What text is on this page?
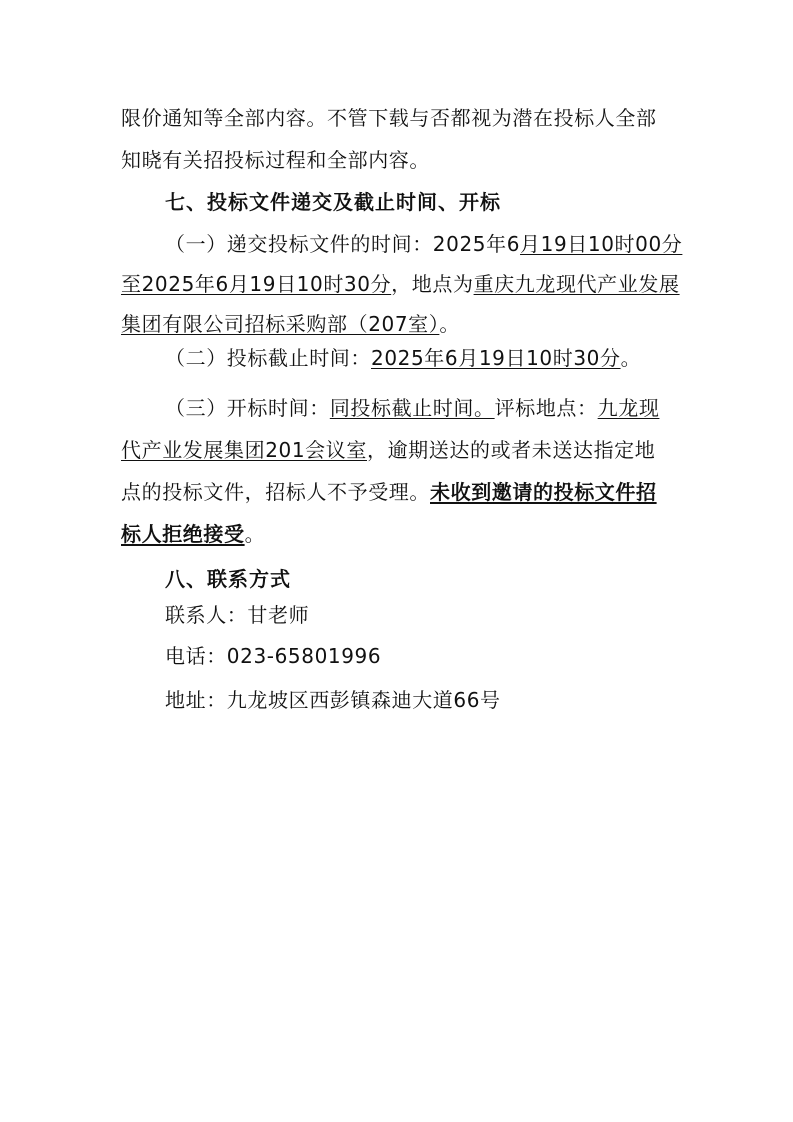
限价通知等全部内容。不管下载与否都视为潜在投标人全部
知晓有关招投标过程和全部内容。
七、投标文件递交及截止时间、开标
（一）递交投标文件的时间：2025年6月19日10时00分
至2025年6月19日10时30分，地点为重庆九龙现代产业发展
集团有限公司招标采购部（207室）。
（二）投标截止时间：2025年6月19日10时30分。
（三）开标时间：同投标截止时间。评标地点：九龙现
代产业发展集团201会议室，逾期送达的或者未送达指定地
点的投标文件，招标人不予受理。未收到邀请的投标文件招
标人拒绝接受。
八、联系方式
联系人：甘老师
电话：023-65801996
地址：九龙坡区西彭镇森迪大道66号
